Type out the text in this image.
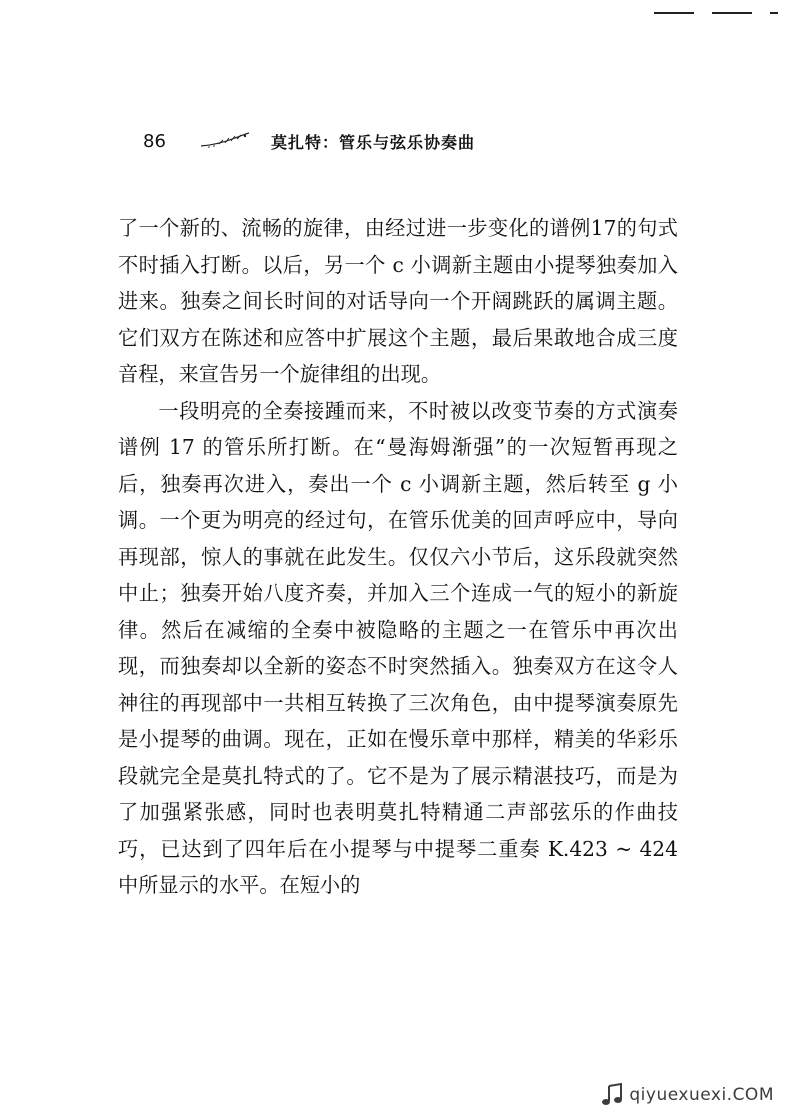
86	莫扎特：管乐与弦乐协奏曲

了一个新的、流畅的旋律，由经过进一步变化的谱例17的句式不时插入打断。以后，另一个 c 小调新主题由小提琴独奏加入进来。独奏之间长时间的对话导向一个开阔跳跃的属调主题。它们双方在陈述和应答中扩展这个主题，最后果敢地合成三度音程，来宣告另一个旋律组的出现。

一段明亮的全奏接踵而来，不时被以改变节奏的方式演奏谱例 17 的管乐所打断。在“曼海姆渐强”的一次短暂再现之后，独奏再次进入，奏出一个 c 小调新主题，然后转至 g 小调。一个更为明亮的经过句，在管乐优美的回声呼应中，导向再现部，惊人的事就在此发生。仅仅六小节后，这乐段就突然中止；独奏开始八度齐奏，并加入三个连成一气的短小的新旋律。然后在减缩的全奏中被隐略的主题之一在管乐中再次出现，而独奏却以全新的姿态不时突然插入。独奏双方在这令人神往的再现部中一共相互转换了三次角色，由中提琴演奏原先是小提琴的曲调。现在，正如在慢乐章中那样，精美的华彩乐段就完全是莫扎特式的了。它不是为了展示精湛技巧，而是为了加强紧张感，同时也表明莫扎特精通二声部弦乐的作曲技巧，已达到了四年后在小提琴与中提琴二重奏 K.423 ~ 424 中所显示的水平。在短小的

qiyuexuexi.COM
